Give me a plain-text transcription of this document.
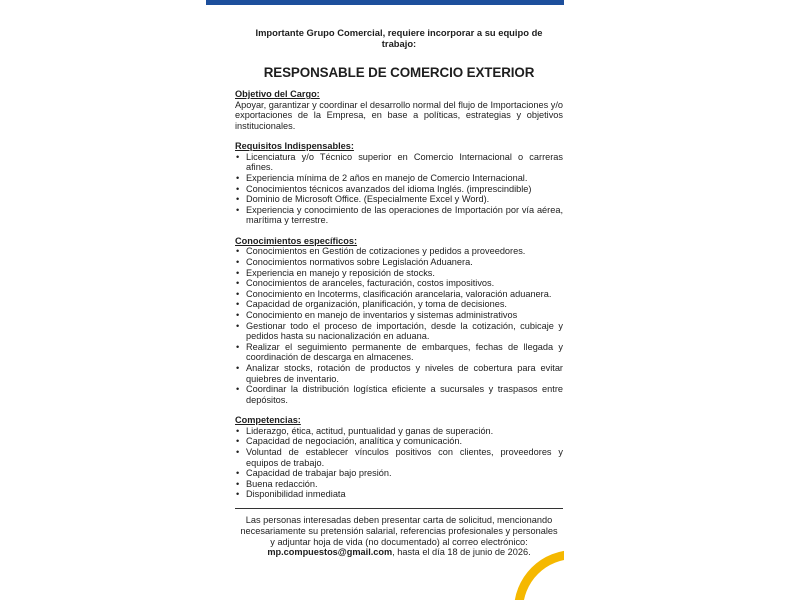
Importante Grupo Comercial, requiere incorporar a su equipo de trabajo:
RESPONSABLE DE COMERCIO EXTERIOR
Objetivo del Cargo:
Apoyar, garantizar y coordinar el desarrollo normal del flujo de Importaciones y/o exportaciones de la Empresa, en base a políticas, estrategias y objetivos institucionales.
Requisitos Indispensables:
• Licenciatura y/o Técnico superior en Comercio Internacional o carreras afines.
• Experiencia mínima de 2 años en manejo de Comercio Internacional.
• Conocimientos técnicos avanzados del idioma Inglés. (imprescindible)
• Dominio de Microsoft Office. (Especialmente Excel y Word).
• Experiencia y conocimiento de las operaciones de Importación por vía aérea, marítima y terrestre.
Conocimientos específicos:
• Conocimientos en Gestión de cotizaciones y pedidos a proveedores.
• Conocimientos normativos sobre Legislación Aduanera.
• Experiencia en manejo y reposición de stocks.
• Conocimientos de aranceles, facturación, costos impositivos.
• Conocimiento en Incoterms, clasificación arancelaria, valoración aduanera.
• Capacidad de organización, planificación, y toma de decisiones.
• Conocimiento en manejo de inventarios y sistemas administrativos
• Gestionar todo el proceso de importación, desde la cotización, cubicaje y pedidos hasta su nacionalización en aduana.
• Realizar el seguimiento permanente de embarques, fechas de llegada y coordinación de descarga en almacenes.
• Analizar stocks, rotación de productos y niveles de cobertura para evitar quiebres de inventario.
• Coordinar la distribución logística eficiente a sucursales y traspasos entre depósitos.
Competencias:
• Liderazgo, ética, actitud, puntualidad y ganas de superación.
• Capacidad de negociación, analítica y comunicación.
• Voluntad de establecer vínculos positivos con clientes, proveedores y equipos de trabajo.
• Capacidad de trabajar bajo presión.
• Buena redacción.
• Disponibilidad inmediata
Las personas interesadas deben presentar carta de solicitud, mencionando necesariamente su pretensión salarial, referencias profesionales y personales y adjuntar hoja de vida (no documentado) al correo electrónico: mp.compuestos@gmail.com, hasta el día 18 de junio de 2026.
